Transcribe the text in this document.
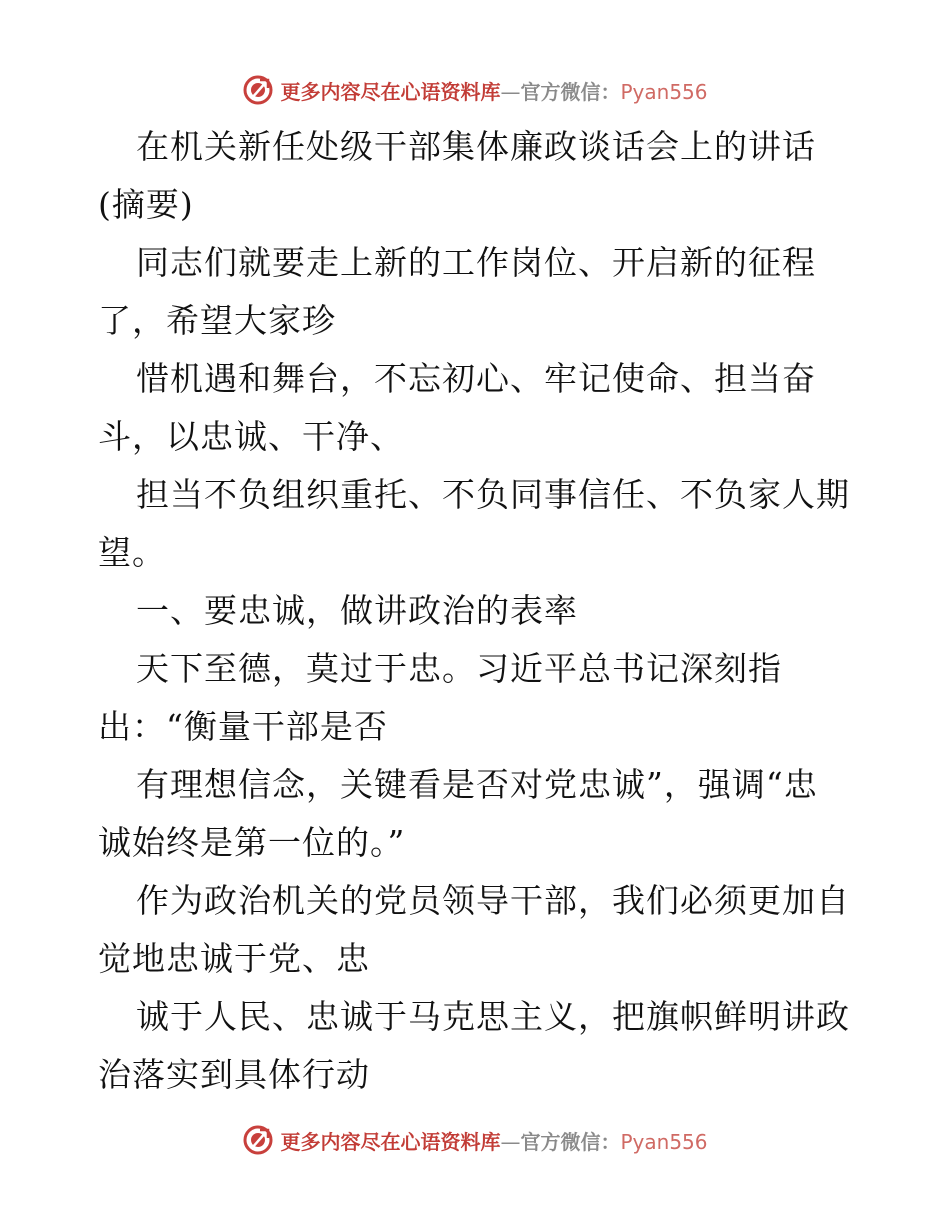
更多内容尽在心语资料库—官方微信：Pyan556
在机关新任处级干部集体廉政谈话会上的讲话
(摘要)
同志们就要走上新的工作岗位、开启新的征程
了，希望大家珍
惜机遇和舞台，不忘初心、牢记使命、担当奋
斗，以忠诚、干净、
担当不负组织重托、不负同事信任、不负家人期
望。
一、要忠诚，做讲政治的表率
天下至德，莫过于忠。习近平总书记深刻指
出：“衡量干部是否
有理想信念，关键看是否对党忠诚”，强调“忠
诚始终是第一位的。”
作为政治机关的党员领导干部，我们必须更加自
觉地忠诚于党、忠
诚于人民、忠诚于马克思主义，把旗帜鲜明讲政
治落实到具体行动
更多内容尽在心语资料库—官方微信：Pyan556
